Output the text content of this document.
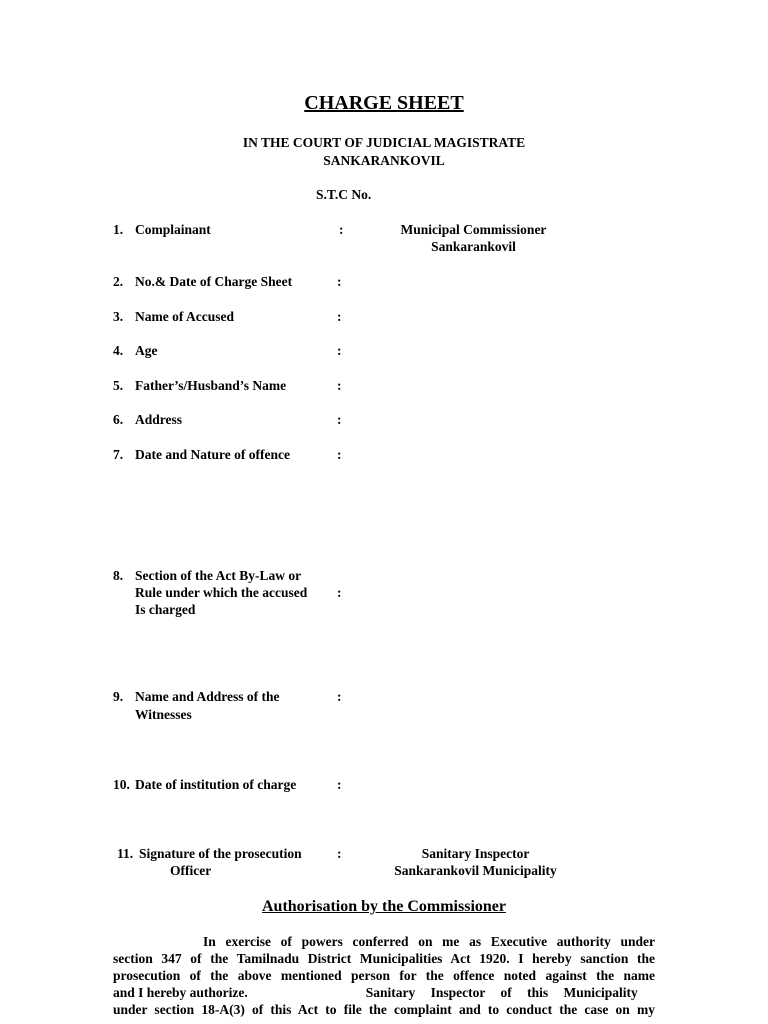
CHARGE SHEET
IN THE COURT OF JUDICIAL MAGISTRATE
SANKARANKOVIL
S.T.C No.
1. Complainant	:	Municipal Commissioner
Sankarankovil
2. No.& Date of Charge Sheet	:
3. Name of Accused	:
4. Age	:
5. Father’s/Husband’s Name	:
6. Address	:
7. Date and Nature of offence	:
8. Section of the Act By-Law or
Rule under which the accused
Is charged
:
9. Name and Address of the
Witnesses
:
10. Date of institution of charge	:
11. Signature of the prosecution
Officer
:	Sanitary Inspector
Sankarankovil Municipality
Authorisation by the Commissioner
In exercise of powers conferred on me as Executive authority under
section 347 of the Tamilnadu District Municipalities Act 1920. I hereby sanction the
prosecution of the above mentioned person for the offence noted against the name
and I hereby authorize.	Sanitary Inspector of this Municipality
under section 18-A(3) of this Act to file the complaint and to conduct the case on my
